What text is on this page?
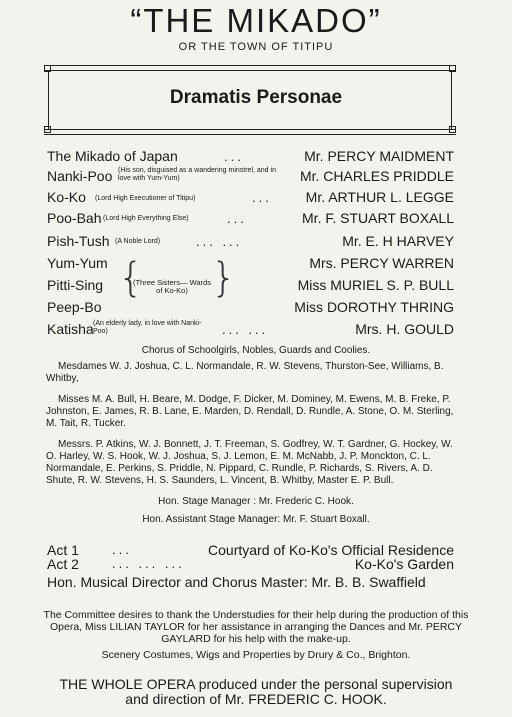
“THE MIKADO”
OR THE TOWN OF TITIPU
Dramatis Personae
The Mikado of Japan	...	Mr. PERCY MAIDMENT
Nanki-Poo (His son, disguised as a wandering minstrel, and in love with Yum-Yum)	Mr. CHARLES PRIDDLE
Ko-Ko (Lord High Executioner of Titipu)	... Mr. ARTHUR L. LEGGE
Poo-Bah (Lord High Everything Else)	...	Mr. F. STUART BOXALL
Pish-Tush (A Noble Lord)	... ...	Mr. E. H HARVEY
Yum-Yum	Mrs. PERCY WARREN
Pitti-Sing	Miss MURIEL S. P. BULL
Peep-Bo	Miss DOROTHY THRING
{ }
(Three Sisters— Wards of Ko-Ko)
Katisha (An elderly lady, in love with Nanki-Poo)	... ...	Mrs. H. GOULD
Chorus of Schoolgirls, Nobles, Guards and Coolies.
Mesdames W. J. Joshua, C. L. Normandale, R. W. Stevens, Thurston-See, Williams, B. Whitby,
Misses M. A. Bull, H. Beare, M. Dodge, F. Dicker, M. Dominey, M. Ewens, M. B. Freke, P. Johnston, E. James, R. B. Lane, E. Marden, D. Rendall, D. Rundle, A. Stone, O. M. Sterling, M. Tait, R. Tucker.
Messrs. P. Atkins, W. J. Bonnett, J. T. Freeman, S. Godfrey, W. T. Gardner, G. Hockey, W. O. Harley, W. S. Hook, W. J. Joshua, S. J. Lemon, E. M. McNabb, J. P. Monckton, C. L. Normandale, E. Perkins, S. Priddle, N. Pippard, C. Rundle, P. Richards, S. Rivers, A. D. Shute, R. W. Stevens, H. S. Saunders, L. Vincent, B. Whitby, Master E. P. Bull.
Hon. Stage Manager : Mr. Frederic C. Hook.
Hon. Assistant Stage Manager: Mr. F. Stuart Boxall.
Act 1	...	Courtyard of Ko-Ko's Official Residence
Act 2	... ... ...	Ko-Ko's Garden
Hon. Musical Director and Chorus Master: Mr. B. B. Swaffield
The Committee desires to thank the Understudies for their help during the production of this Opera, Miss LILIAN TAYLOR for her assistance in arranging the Dances and Mr. PERCY GAYLARD for his help with the make-up.
Scenery Costumes, Wigs and Properties by Drury & Co., Brighton.
THE WHOLE OPERA produced under the personal supervision and direction of Mr. FREDERIC C. HOOK.
